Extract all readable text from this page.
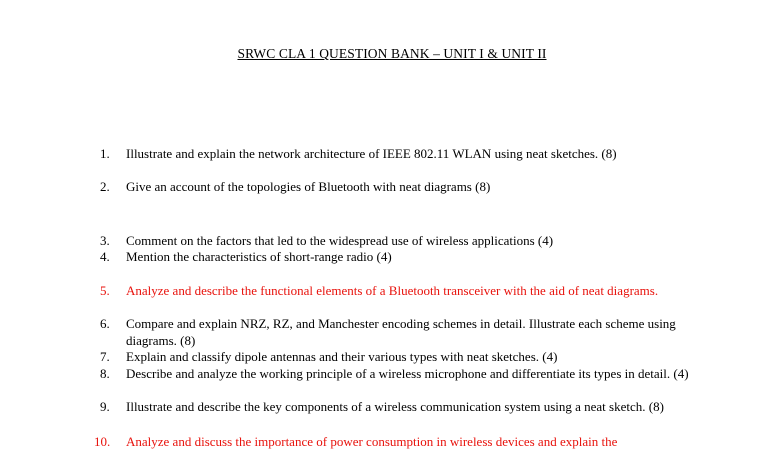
SRWC CLA 1 QUESTION BANK – UNIT I & UNIT II
1.	Illustrate and explain the network architecture of IEEE 802.11 WLAN using neat sketches. (8)
2.	Give an account of the topologies of Bluetooth with neat diagrams (8)
3.	Comment on the factors that led to the widespread use of wireless applications (4)
4.	Mention the characteristics of short-range radio (4)
5.	Analyze and describe the functional elements of a Bluetooth transceiver with the aid of neat diagrams.
6.	Compare and explain NRZ, RZ, and Manchester encoding schemes in detail. Illustrate each scheme using diagrams. (8)
7.	Explain and classify dipole antennas and their various types with neat sketches. (4)
8.	Describe and analyze the working principle of a wireless microphone and differentiate its types in detail. (4)
9.	Illustrate and describe the key components of a wireless communication system using a neat sketch. (8)
10.	Analyze and discuss the importance of power consumption in wireless devices and explain the
